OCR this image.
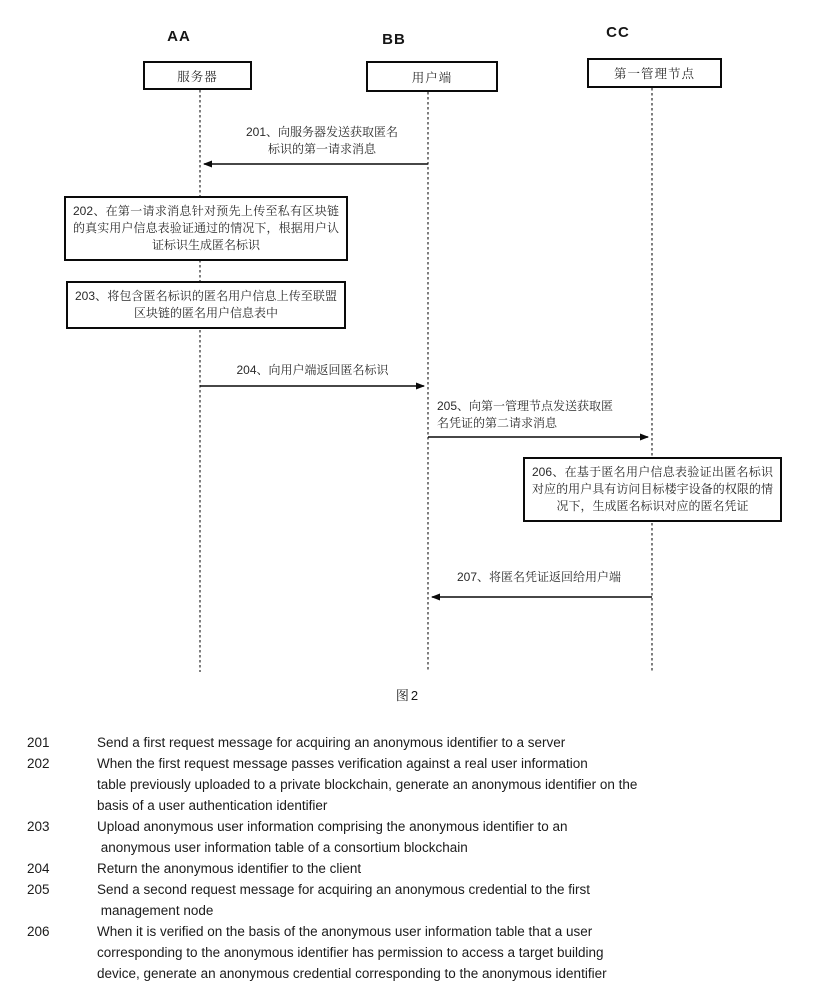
AA	BB	CC
服务器	用户端	第一管理节点
201、向服务器发送获取匿名
标识的第一请求消息
204、向用户端返回匿名标识
205、向第一管理节点发送获取匿
名凭证的第二请求消息
207、将匿名凭证返回给用户端
202、在第一请求消息针对预先上传至私有区块链的真实用户信息表验证通过的情况下，根据用户认证标识生成匿名标识
203、将包含匿名标识的匿名用户信息上传至联盟区块链的匿名用户信息表中
206、在基于匿名用户信息表验证出匿名标识对应的用户具有访问目标楼宇设备的权限的情况下，生成匿名标识对应的匿名凭证
图2
201	Send a first request message for acquiring an anonymous identifier to a server
202	When the first request message passes verification against a real user information
table previously uploaded to a private blockchain, generate an anonymous identifier on the
basis of a user authentication identifier
203	Upload anonymous user information comprising the anonymous identifier to an
anonymous user information table of a consortium blockchain
204	Return the anonymous identifier to the client
205	Send a second request message for acquiring an anonymous credential to the first
management node
206	When it is verified on the basis of the anonymous user information table that a user
corresponding to the anonymous identifier has permission to access a target building
device, generate an anonymous credential corresponding to the anonymous identifier
